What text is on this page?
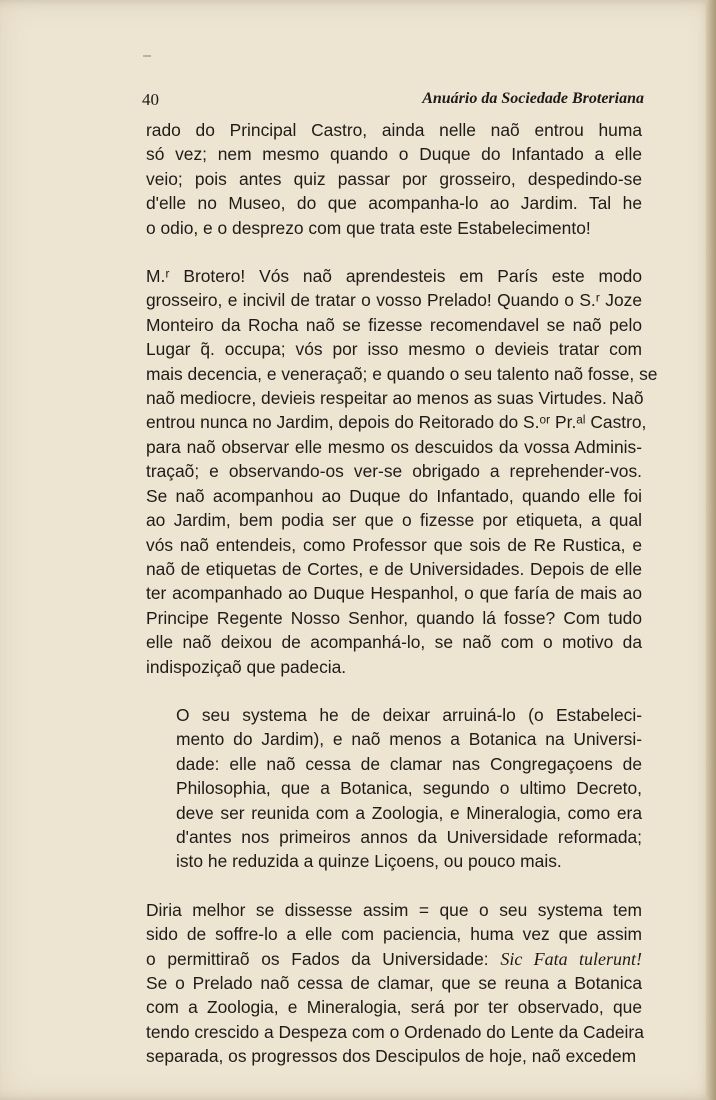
40	Anuário da Sociedade Broteriana
rado do Principal Castro, ainda nelle naõ entrou huma
só vez; nem mesmo quando o Duque do Infantado a elle
veio; pois antes quiz passar por grosseiro, despedindo-se
d'elle no Museo, do que acompanha-lo ao Jardim. Tal he
o odio, e o desprezo com que trata este Estabelecimento!
M.ʳ Brotero! Vós naõ aprendesteis em París este modo
grosseiro, e incivil de tratar o vosso Prelado! Quando o S.ʳ Joze
Monteiro da Rocha naõ se fizesse recomendavel se naõ pelo
Lugar q̃. occupa; vós por isso mesmo o devieis tratar com
mais decencia, e veneraçaõ; e quando o seu talento naõ fosse, se
naõ mediocre, devieis respeitar ao menos as suas Virtudes. Naõ
entrou nunca no Jardim, depois do Reitorado do S.ᵒʳ Pr.ᵃˡ Castro,
para naõ observar elle mesmo os descuidos da vossa Adminis-
traçaõ; e observando-os ver-se obrigado a reprehender-vos.
Se naõ acompanhou ao Duque do Infantado, quando elle foi
ao Jardim, bem podia ser que o fizesse por etiqueta, a qual
vós naõ entendeis, como Professor que sois de Re Rustica, e
naõ de etiquetas de Cortes, e de Universidades. Depois de elle
ter acompanhado ao Duque Hespanhol, o que faría de mais ao
Principe Regente Nosso Senhor, quando lá fosse? Com tudo
elle naõ deixou de acompanhá-lo, se naõ com o motivo da
indispoziçaõ que padecia.
O seu systema he de deixar arruiná-lo (o Estabeleci-
mento do Jardim), e naõ menos a Botanica na Universi-
dade: elle naõ cessa de clamar nas Congregaçoens de
Philosophia, que a Botanica, segundo o ultimo Decreto,
deve ser reunida com a Zoologia, e Mineralogia, como era
d'antes nos primeiros annos da Universidade reformada;
isto he reduzida a quinze Liçoens, ou pouco mais.
Diria melhor se dissesse assim = que o seu systema tem
sido de soffre-lo a elle com paciencia, huma vez que assim
o permittiraõ os Fados da Universidade: Sic Fata tulerunt!
Se o Prelado naõ cessa de clamar, que se reuna a Botanica
com a Zoologia, e Mineralogia, será por ter observado, que
tendo crescido a Despeza com o Ordenado do Lente da Cadeira
separada, os progressos dos Descipulos de hoje, naõ excedem
